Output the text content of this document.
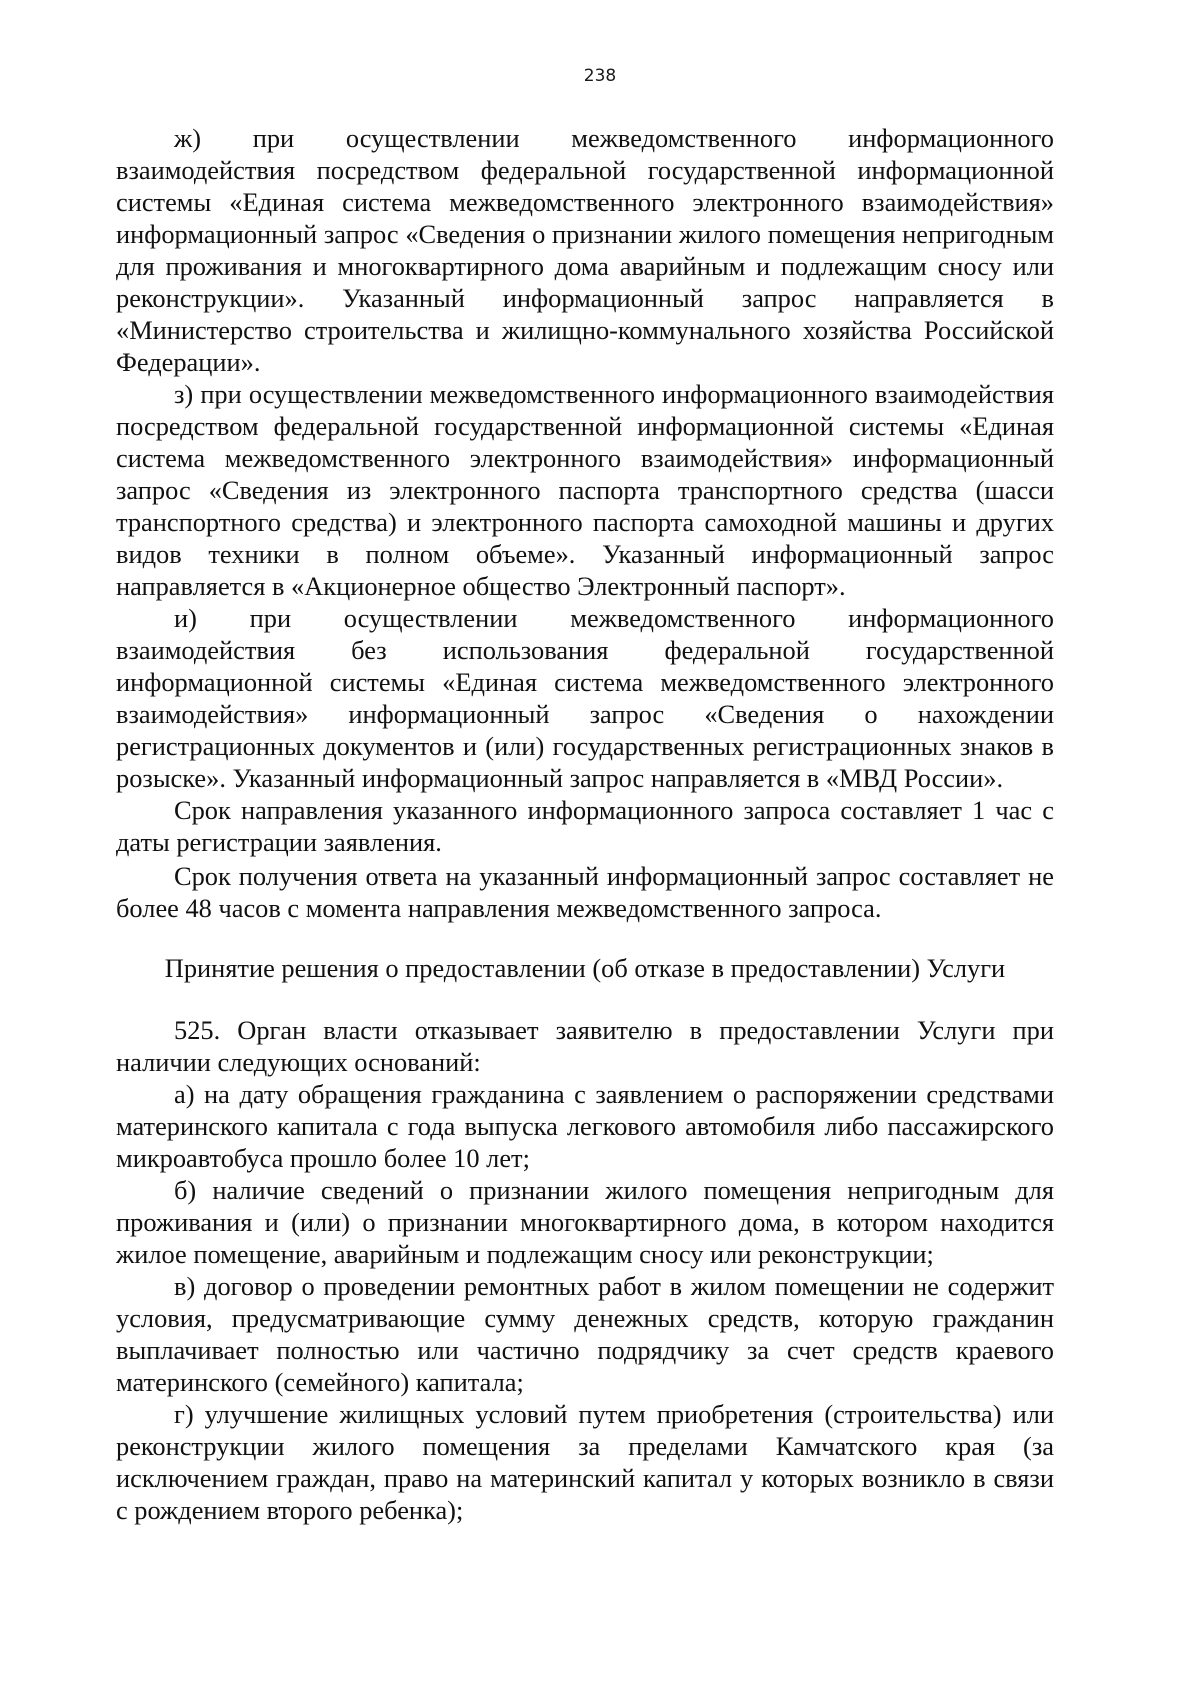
238

ж) при осуществлении межведомственного информационного взаимодействия посредством федеральной государственной информационной системы «Единая система межведомственного электронного взаимодействия» информационный запрос «Сведения о признании жилого помещения непригодным для проживания и многоквартирного дома аварийным и подлежащим сносу или реконструкции». Указанный информационный запрос направляется в «Министерство строительства и жилищно-коммунального хозяйства Российской Федерации».

з) при осуществлении межведомственного информационного взаимодействия посредством федеральной государственной информационной системы «Единая система межведомственного электронного взаимодействия» информационный запрос «Сведения из электронного паспорта транспортного средства (шасси транспортного средства) и электронного паспорта самоходной машины и других видов техники в полном объеме». Указанный информационный запрос направляется в «Акционерное общество Электронный паспорт».

и) при осуществлении межведомственного информационного взаимодействия без использования федеральной государственной информационной системы «Единая система межведомственного электронного взаимодействия» информационный запрос «Сведения о нахождении регистрационных документов и (или) государственных регистрационных знаков в розыске». Указанный информационный запрос направляется в «МВД России».

Срок направления указанного информационного запроса составляет 1 час с даты регистрации заявления.

Срок получения ответа на указанный информационный запрос составляет не более 48 часов с момента направления межведомственного запроса.

Принятие решения о предоставлении (об отказе в предоставлении) Услуги

525. Орган власти отказывает заявителю в предоставлении Услуги при наличии следующих оснований:

а) на дату обращения гражданина с заявлением о распоряжении средствами материнского капитала с года выпуска легкового автомобиля либо пассажирского микроавтобуса прошло более 10 лет;

б) наличие сведений о признании жилого помещения непригодным для проживания и (или) о признании многоквартирного дома, в котором находится жилое помещение, аварийным и подлежащим сносу или реконструкции;

в) договор о проведении ремонтных работ в жилом помещении не содержит условия, предусматривающие сумму денежных средств, которую гражданин выплачивает полностью или частично подрядчику за счет средств краевого материнского (семейного) капитала;

г) улучшение жилищных условий путем приобретения (строительства) или реконструкции жилого помещения за пределами Камчатского края (за исключением граждан, право на материнский капитал у которых возникло в связи с рождением второго ребенка);
